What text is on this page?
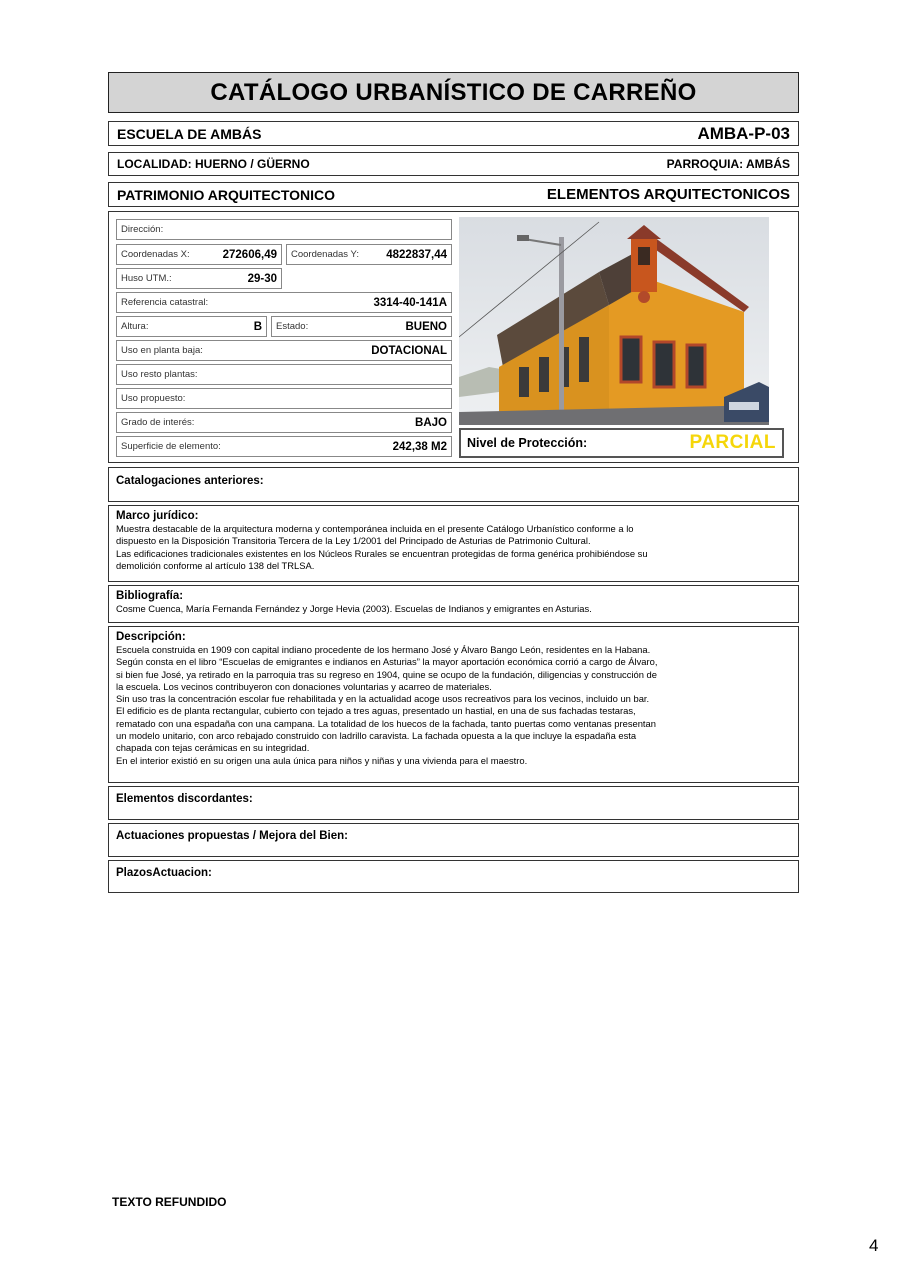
CATÁLOGO URBANÍSTICO DE CARREÑO
ESCUELA DE AMBÁS	AMBA-P-03
LOCALIDAD: HUERNO / GÜERNO	PARROQUIA: AMBÁS
PATRIMONIO ARQUITECTONICO	ELEMENTOS ARQUITECTONICOS
Dirección:
Coordenadas X:	272606,49 Coordenadas Y: 4822837,44
Huso UTM.:	29-30
Referencia catastral:	3314-40-141A
Altura:	B Estado:	BUENO
Uso en planta baja:	DOTACIONAL
Uso resto plantas:
Uso propuesto:
Grado de interés:	BAJO
Superficie de elemento:	242,38 M2 Nivel de Protección:	PARCIAL
Catalogaciones anteriores:
Marco jurídico:

Muestra destacable de la arquitectura moderna y contemporánea incluida en el presente Catálogo Urbanístico conforme a lo

dispuesto en la Disposición Transitoria Tercera de la Ley 1/2001 del Principado de Asturias de Patrimonio Cultural.

Las edificaciones tradicionales existentes en los Núcleos Rurales se encuentran protegidas de forma genérica prohibiéndose su

demolición conforme al artículo 138 del TRLSA.

Bibliografía:

Cosme Cuenca, María Fernanda Fernández y Jorge Hevia (2003). Escuelas de Indianos y emigrantes en Asturias.

Descripción:

Escuela construida en 1909 con capital indiano procedente de los hermano José y Álvaro Bango León, residentes en la Habana.

Según consta en el libro “Escuelas de emigrantes e indianos en Asturias” la mayor aportación económica corrió a cargo de Álvaro,

si bien fue José, ya retirado en la parroquia tras su regreso en 1904, quine se ocupo de la fundación, diligencias y construcción de

la escuela. Los vecinos contribuyeron con donaciones voluntarias y acarreo de materiales.

Sin uso tras la concentración escolar fue rehabilitada y en la actualidad acoge usos recreativos para los vecinos, incluido un bar.

El edificio es de planta rectangular, cubierto con tejado a tres aguas, presentado un hastial, en una de sus fachadas testaras,

rematado con una espadaña con una campana. La totalidad de los huecos de la fachada, tanto puertas como ventanas presentan

un modelo unitario, con arco rebajado construido con ladrillo caravista. La fachada opuesta a la que incluye la espadaña esta

chapada con tejas cerámicas en su integridad.

En el interior existió en su origen una aula única para niños y niñas y una vivienda para el maestro.

Elementos discordantes:
Actuaciones propuestas / Mejora del Bien:
PlazosActuacion:
TEXTO REFUNDIDO
4
